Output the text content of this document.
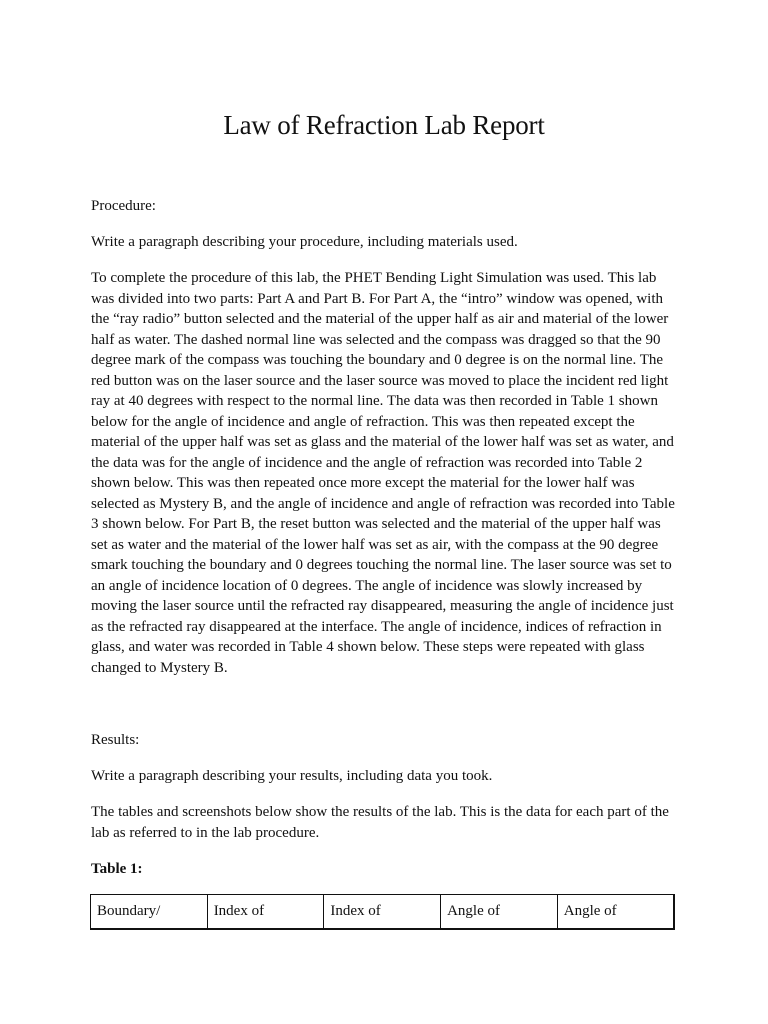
Law of Refraction Lab Report

Procedure:

Write a paragraph describing your procedure, including materials used.

To complete the procedure of this lab, the PHET Bending Light Simulation was used. This lab was divided into two parts: Part A and Part B. For Part A, the “intro” window was opened, with the “ray radio” button selected and the material of the upper half as air and material of the lower half as water. The dashed normal line was selected and the compass was dragged so that the 90 degree mark of the compass was touching the boundary and 0 degree is on the normal line. The red button was on the laser source and the laser source was moved to place the incident red light ray at 40 degrees with respect to the normal line. The data was then recorded in Table 1 shown below for the angle of incidence and angle of refraction. This was then repeated except the material of the upper half was set as glass and the material of the lower half was set as water, and the data was for the angle of incidence and the angle of refraction was recorded into Table 2 shown below. This was then repeated once more except the material for the lower half was selected as Mystery B, and the angle of incidence and angle of refraction was recorded into Table 3 shown below. For Part B, the reset button was selected and the material of the upper half was set as water and the material of the lower half was set as air, with the compass at the 90 degree smark touching the boundary and 0 degrees touching the normal line. The laser source was set to an angle of incidence location of 0 degrees. The angle of incidence was slowly increased by moving the laser source until the refracted ray disappeared, measuring the angle of incidence just as the refracted ray disappeared at the interface. The angle of incidence, indices of refraction in glass, and water was recorded in Table 4 shown below. These steps were repeated with glass changed to Mystery B.

Results:

Write a paragraph describing your results, including data you took.

The tables and screenshots below show the results of the lab. This is the data for each part of the lab as referred to in the lab procedure.

Table 1:

Boundary/	Index of	Index of	Angle of	Angle of
